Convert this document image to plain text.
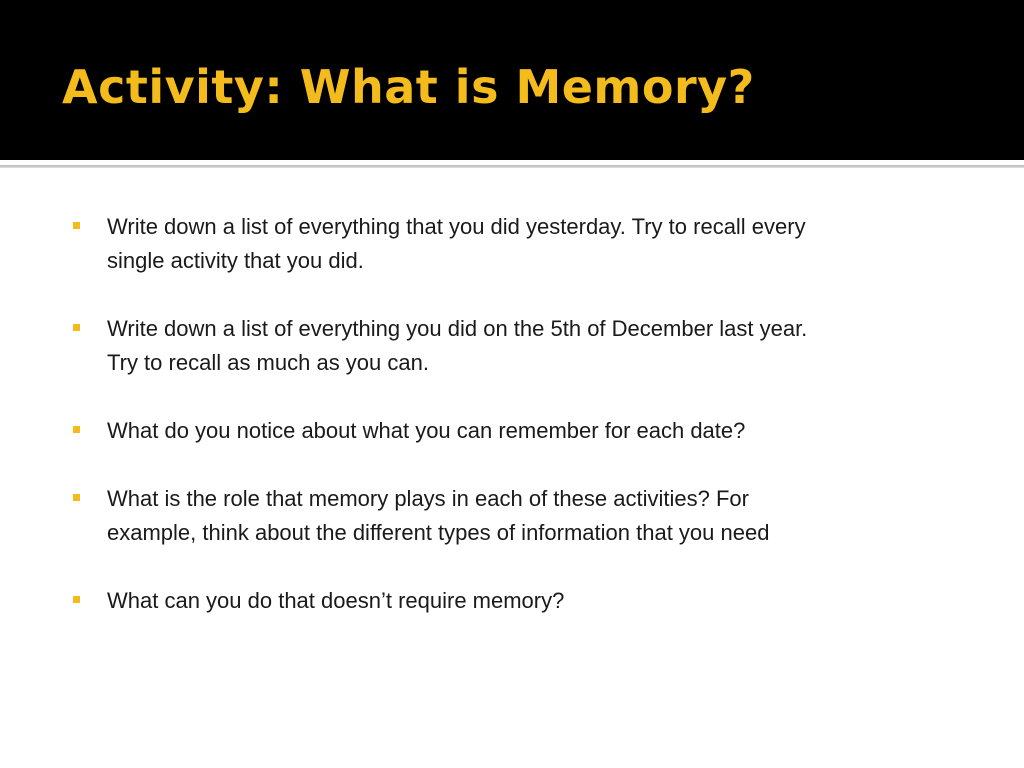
Activity: What is Memory?
Write down a list of everything that you did yesterday. Try to recall every
single activity that you did.
Write down a list of everything you did on the 5th of December last year.
Try to recall as much as you can.
What do you notice about what you can remember for each date?
What is the role that memory plays in each of these activities? For
example, think about the different types of information that you need
What can you do that doesn’t require memory?
